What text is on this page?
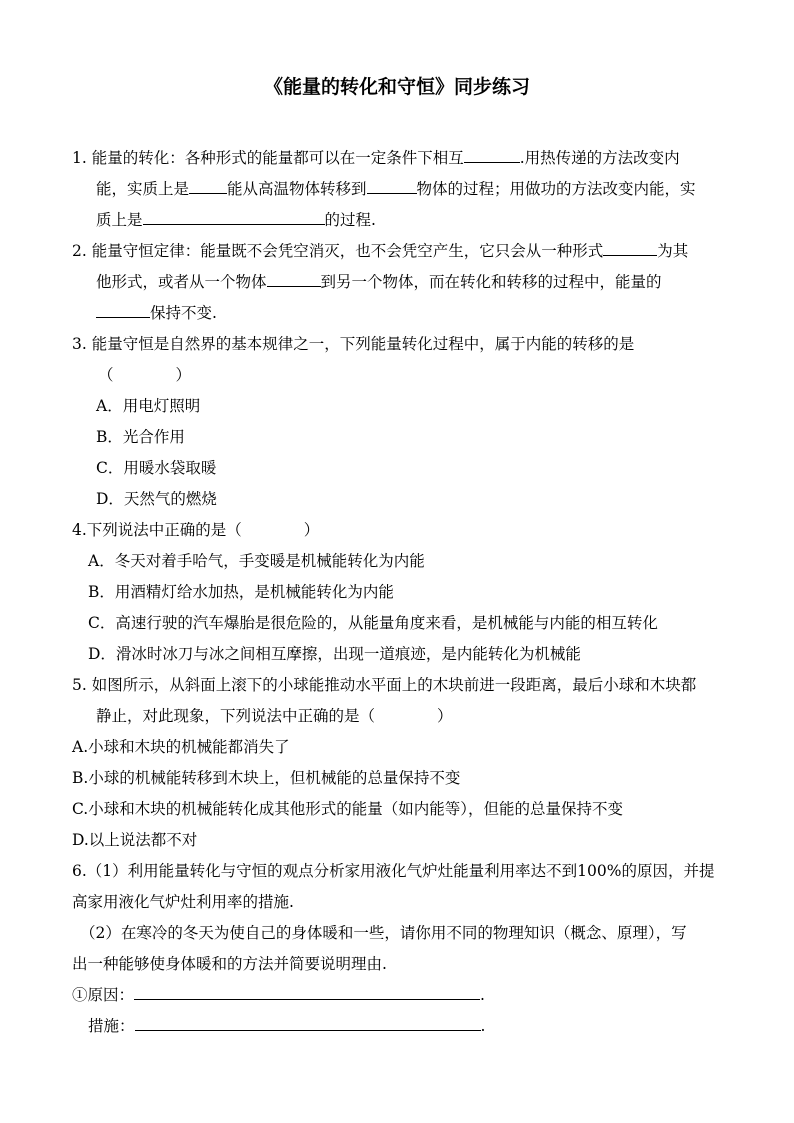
《能量的转化和守恒》同步练习
1. 能量的转化：各种形式的能量都可以在一定条件下相互	.用热传递的方法改变内
能，实质上是 能从高温物体转移到	物体的过程；用做功的方法改变内能，实
质上是	的过程.
2. 能量守恒定律：能量既不会凭空消灭，也不会凭空产生，它只会从一种形式	为其
他形式，或者从一个物体	到另一个物体，而在转化和转移的过程中，能量的
保持不变.
3. 能量守恒是自然界的基本规律之一，下列能量转化过程中，属于内能的转移的是
（　　　　）
A．用电灯照明
B．光合作用
C．用暖水袋取暖
D．天然气的燃烧
4.下列说法中正确的是（　　　　）
A．冬天对着手哈气，手变暖是机械能转化为内能
B．用酒精灯给水加热，是机械能转化为内能
C．高速行驶的汽车爆胎是很危险的，从能量角度来看，是机械能与内能的相互转化
D．滑冰时冰刀与冰之间相互摩擦，出现一道痕迹，是内能转化为机械能
5. 如图所示，从斜面上滚下的小球能推动水平面上的木块前进一段距离，最后小球和木块都
静止，对此现象，下列说法中正确的是（　　　　）
A.小球和木块的机械能都消失了
B.小球的机械能转移到木块上，但机械能的总量保持不变
C.小球和木块的机械能转化成其他形式的能量（如内能等），但能的总量保持不变
D.以上说法都不对
6.（1）利用能量转化与守恒的观点分析家用液化气炉灶能量利用率达不到100%的原因，并提
高家用液化气炉灶利用率的措施.
（2）在寒冷的冬天为使自己的身体暖和一些，请你用不同的物理知识（概念、原理），写
出一种能够使身体暖和的方法并简要说明理由.
①原因：	.
措施：	.
